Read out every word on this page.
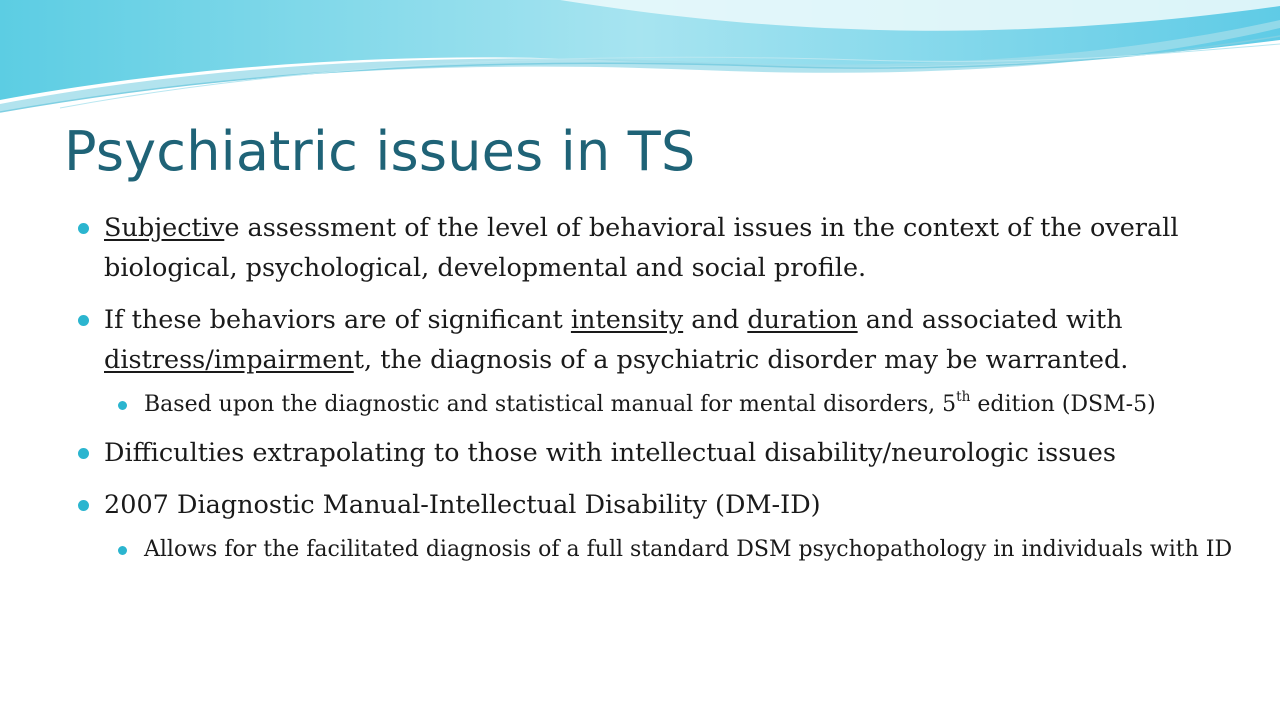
Psychiatric issues in TS
Subjective assessment of the level of behavioral issues in the context of the overall biological, psychological, developmental and social profile.
If these behaviors are of significant intensity and duration and associated with distress/impairment, the diagnosis of a psychiatric disorder may be warranted.
Based upon the diagnostic and statistical manual for mental disorders, 5th edition (DSM-5)
Difficulties extrapolating to those with intellectual disability/neurologic issues
2007 Diagnostic Manual-Intellectual Disability (DM-ID)
Allows for the facilitated diagnosis of a full standard DSM psychopathology in individuals with ID
